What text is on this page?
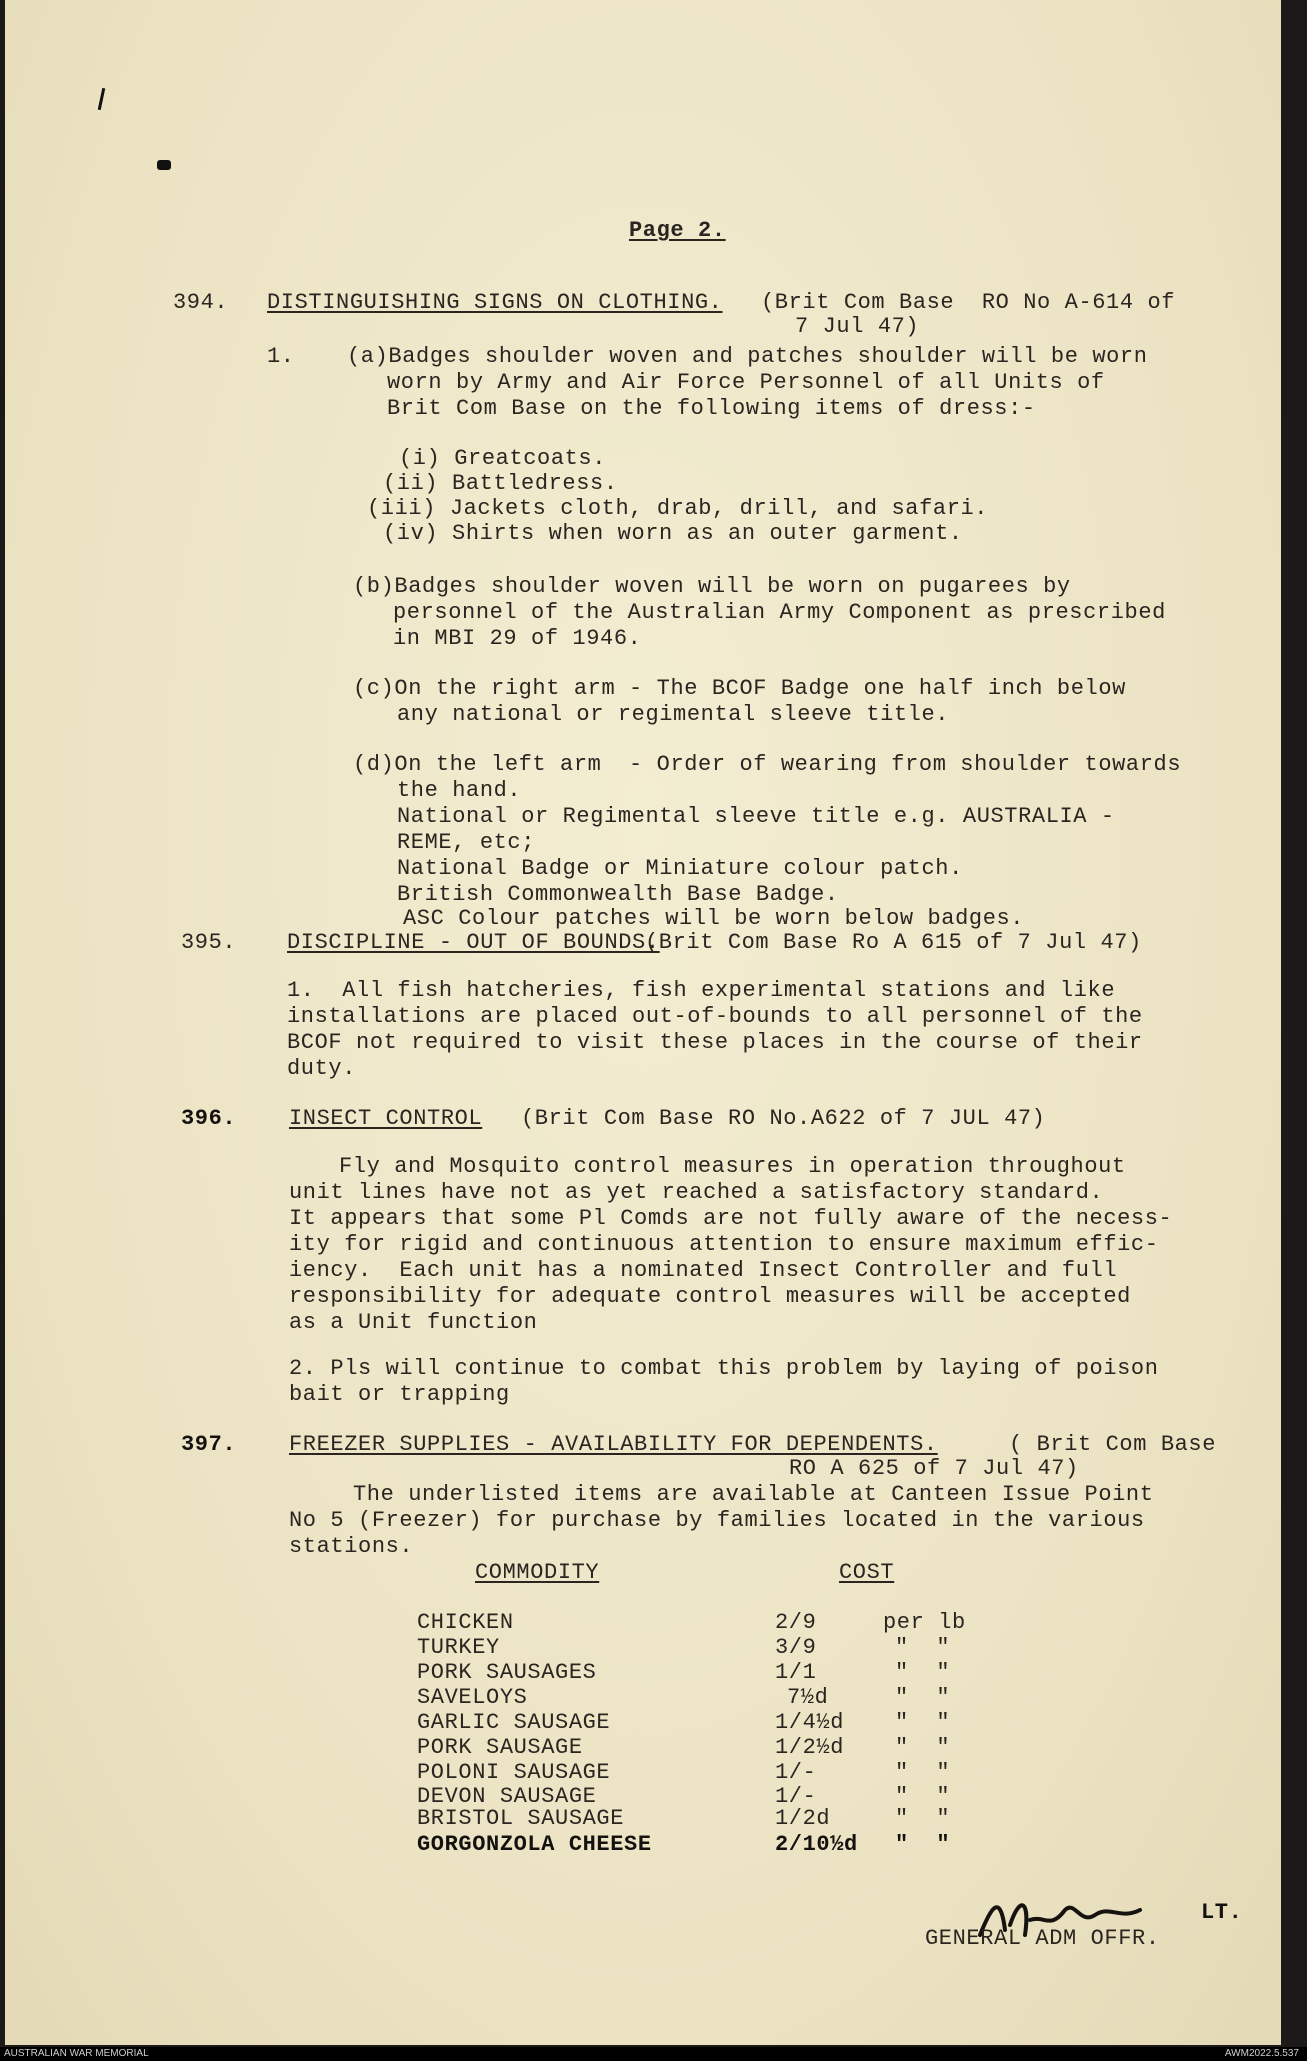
Page 2.
394. DISTINGUISHING SIGNS ON CLOTHING. (Brit Com Base  RO No A-614 of
7 Jul 47)
1. (a)Badges shoulder woven and patches shoulder will be worn
worn by Army and Air Force Personnel of all Units of
Brit Com Base on the following items of dress:-
(i) Greatcoats.
(ii) Battledress.
(iii) Jackets cloth, drab, drill, and safari.
(iv) Shirts when worn as an outer garment.
(b)Badges shoulder woven will be worn on pugarees by
personnel of the Australian Army Component as prescribed
in MBI 29 of 1946.
(c)On the right arm - The BCOF Badge one half inch below
any national or regimental sleeve title.
(d)On the left arm  - Order of wearing from shoulder towards
the hand.
National or Regimental sleeve title e.g. AUSTRALIA -
REME, etc;
National Badge or Miniature colour patch.
British Commonwealth Base Badge.
ASC Colour patches will be worn below badges.
395. DISCIPLINE - OUT OF BOUNDS.
(Brit Com Base Ro A 615 of 7 Jul 47)
1.  All fish hatcheries, fish experimental stations and like
installations are placed out-of-bounds to all personnel of the
BCOF not required to visit these places in the course of their
duty.
396. INSECT CONTROL (Brit Com Base RO No.A622 of 7 JUL 47)
Fly and Mosquito control measures in operation throughout
unit lines have not as yet reached a satisfactory standard.
It appears that some Pl Comds are not fully aware of the necess-
ity for rigid and continuous attention to ensure maximum effic-
iency.  Each unit has a nominated Insect Controller and full
responsibility for adequate control measures will be accepted
as a Unit function
2. Pls will continue to combat this problem by laying of poison
bait or trapping
397. FREEZER SUPPLIES - AVAILABILITY FOR DEPENDENTS.	( Brit Com Base
RO A 625 of 7 Jul 47)
The underlisted items are available at Canteen Issue Point
No 5 (Freezer) for purchase by families located in the various
stations.
COMMODITY	COST
CHICKEN	2/9	per lb
TURKEY	3/9	"  "
PORK SAUSAGES	1/1	"  "
SAVELOYS	7½d	"  "
GARLIC SAUSAGE	1/4½d "  "
PORK SAUSAGE	1/2½d "  "
POLONI SAUSAGE	1/-	"  "
DEVON SAUSAGE	1/-	"  "
BRISTOL SAUSAGE	1/2d	"  "
GORGONZOLA CHEESE	2/10½d "  "
LT.
GENERAL ADM OFFR.
AUSTRALIAN WAR MEMORIAL	AWM2022.5.537
